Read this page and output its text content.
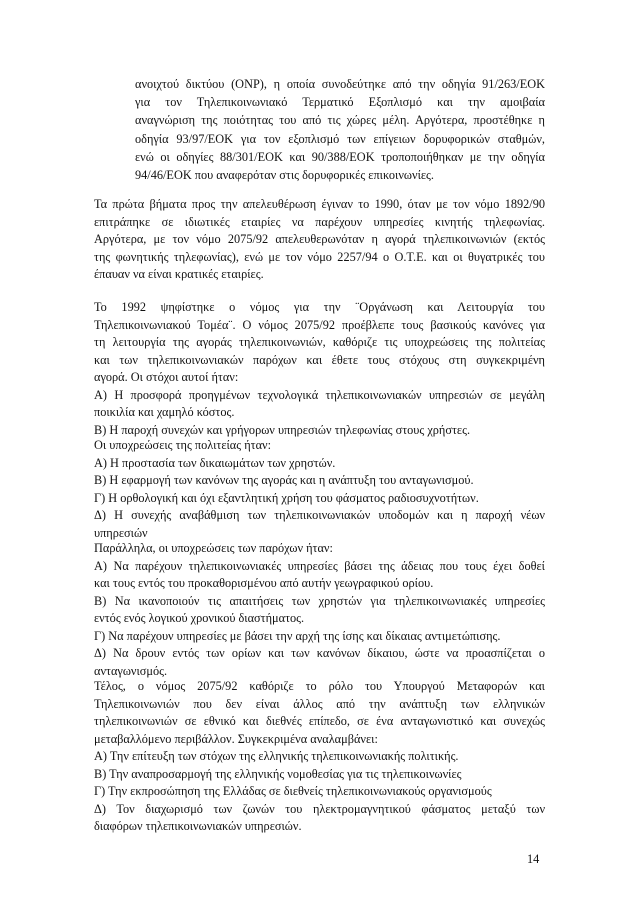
ανοιχτού δικτύου (ONP), η οποία συνοδεύτηκε από την οδηγία 91/263/ΕΟΚ
για τον Τηλεπικοινωνιακό Τερματικό Εξοπλισμό και την αμοιβαία
αναγνώριση της ποιότητας του από τις χώρες μέλη. Αργότερα, προστέθηκε η
οδηγία 93/97/ΕΟΚ για τον εξοπλισμό των επίγειων δορυφορικών σταθμών,
ενώ οι οδηγίες 88/301/ΕΟΚ και 90/388/ΕΟΚ τροποποιήθηκαν με την οδηγία
94/46/ΕΟΚ που αναφερόταν στις δορυφορικές επικοινωνίες.
Τα πρώτα βήματα προς την απελευθέρωση έγιναν το 1990, όταν με τον νόμο 1892/90
επιτράπηκε σε ιδιωτικές εταιρίες να παρέχουν υπηρεσίες κινητής τηλεφωνίας.
Αργότερα, με τον νόμο 2075/92 απελευθερωνόταν η αγορά τηλεπικοινωνιών (εκτός
της φωνητικής τηλεφωνίας), ενώ με τον νόμο 2257/94 ο Ο.Τ.Ε. και οι θυγατρικές του
έπαυαν να είναι κρατικές εταιρίες.
Το 1992 ψηφίστηκε ο νόμος για την ¨Οργάνωση και Λειτουργία του
Τηλεπικοινωνιακού Τομέα¨. Ο νόμος 2075/92 προέβλεπε τους βασικούς κανόνες για
τη λειτουργία της αγοράς τηλεπικοινωνιών, καθόριζε τις υποχρεώσεις της πολιτείας
και των τηλεπικοινωνιακών παρόχων και έθετε τους στόχους στη συγκεκριμένη
αγορά. Οι στόχοι αυτοί ήταν:
Α) Η προσφορά προηγμένων τεχνολογικά τηλεπικοινωνιακών υπηρεσιών σε μεγάλη
ποικιλία και χαμηλό κόστος.
Β) Η παροχή συνεχών και γρήγορων υπηρεσιών τηλεφωνίας στους χρήστες.
Οι υποχρεώσεις της πολιτείας ήταν:
Α) Η προστασία των δικαιωμάτων των χρηστών.
Β) Η εφαρμογή των κανόνων της αγοράς και η ανάπτυξη του ανταγωνισμού.
Γ) Η ορθολογική και όχι εξαντλητική χρήση του φάσματος ραδιοσυχνοτήτων.
Δ) Η συνεχής αναβάθμιση των τηλεπικοινωνιακών υποδομών και η παροχή νέων
υπηρεσιών
Παράλληλα, οι υποχρεώσεις των παρόχων ήταν:
Α) Να παρέχουν τηλεπικοινωνιακές υπηρεσίες βάσει της άδειας που τους έχει δοθεί
και τους εντός του προκαθορισμένου από αυτήν γεωγραφικού ορίου.
Β) Να ικανοποιούν τις απαιτήσεις των χρηστών για τηλεπικοινωνιακές υπηρεσίες
εντός ενός λογικού χρονικού διαστήματος.
Γ) Να παρέχουν υπηρεσίες με βάσει την αρχή της ίσης και δίκαιας αντιμετώπισης.
Δ) Να δρουν εντός των ορίων και των κανόνων δίκαιου, ώστε να προασπίζεται ο
ανταγωνισμός.
Τέλος, ο νόμος 2075/92 καθόριζε το ρόλο του Υπουργού Μεταφορών και
Τηλεπικοινωνιών που δεν είναι άλλος από την ανάπτυξη των ελληνικών
τηλεπικοινωνιών σε εθνικό και διεθνές επίπεδο, σε ένα ανταγωνιστικό και συνεχώς
μεταβαλλόμενο περιβάλλον. Συγκεκριμένα αναλαμβάνει:
Α) Την επίτευξη των στόχων της ελληνικής τηλεπικοινωνιακής πολιτικής.
Β) Την αναπροσαρμογή της ελληνικής νομοθεσίας για τις τηλεπικοινωνίες
Γ) Την εκπροσώπηση της Ελλάδας σε διεθνείς τηλεπικοινωνιακούς οργανισμούς
Δ) Τον διαχωρισμό των ζωνών του ηλεκτρομαγνητικού φάσματος μεταξύ των
διαφόρων τηλεπικοινωνιακών υπηρεσιών.
14
